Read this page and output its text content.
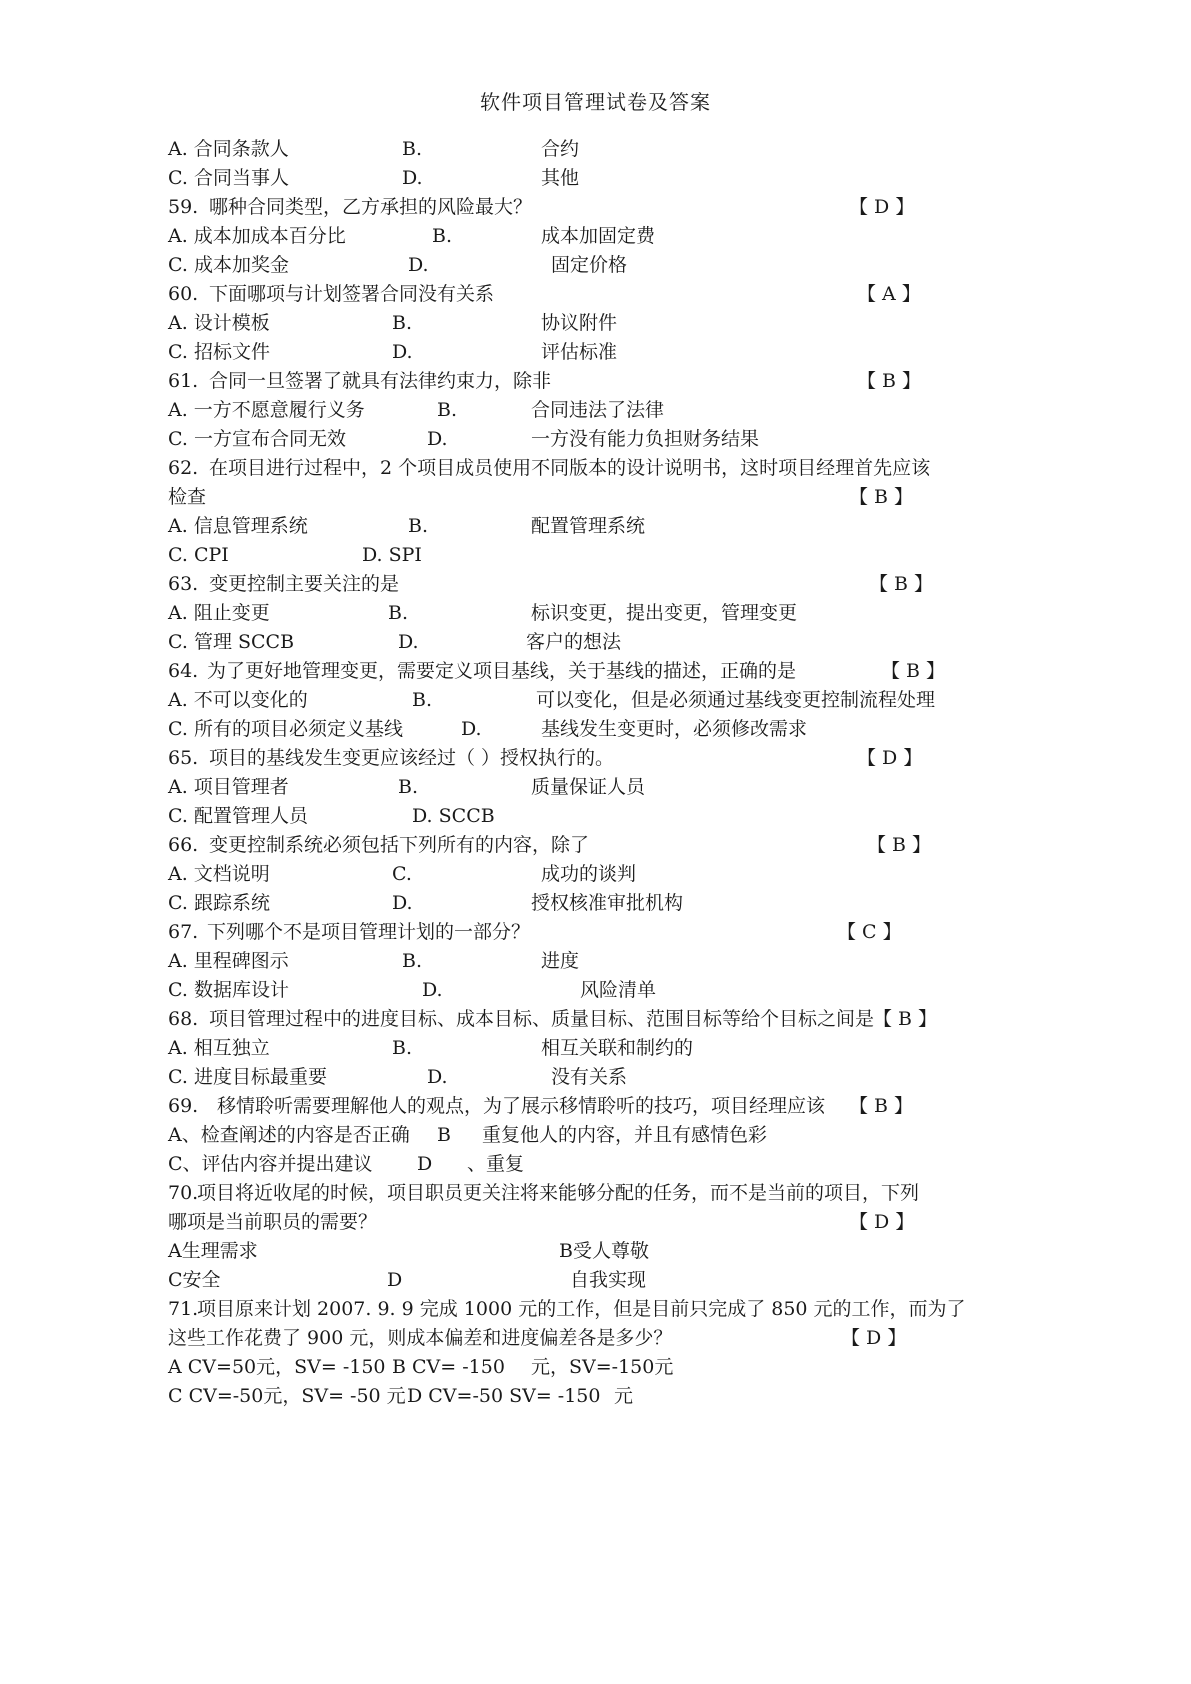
软件项目管理试卷及答案
A. 合同条款人	B.	合约
C. 合同当事人	D.	其他
59. 哪种合同类型，乙方承担的风险最大？	【 D 】
A. 成本加成本百分比	B.	成本加固定费
C. 成本加奖金	D.	固定价格
60. 下面哪项与计划签署合同没有关系	【 A 】
A. 设计模板	B.	协议附件
C. 招标文件	D.	评估标准
61. 合同一旦签署了就具有法律约束力，除非	【 B 】
A. 一方不愿意履行义务	B.	合同违法了法律
C. 一方宣布合同无效	D.	一方没有能力负担财务结果
62. 在项目进行过程中，2 个项目成员使用不同版本的设计说明书，这时项目经理首先应该
检查	【 B 】
A. 信息管理系统	B.	配置管理系统
C. CPI	D. SPI
63. 变更控制主要关注的是	【 B 】
A. 阻止变更	B.	标识变更，提出变更，管理变更
C. 管理 SCCB	D.	客户的想法
64. 为了更好地管理变更，需要定义项目基线，关于基线的描述，正确的是	【 B 】
A. 不可以变化的	B.	可以变化，但是必须通过基线变更控制流程处理
C. 所有的项目必须定义基线	D.	基线发生变更时，必须修改需求
65. 项目的基线发生变更应该经过（ ）授权执行的。	【 D 】
A. 项目管理者	B.	质量保证人员
C. 配置管理人员	D. SCCB
66. 变更控制系统必须包括下列所有的内容，除了	【 B 】
A. 文档说明	C.	成功的谈判
C. 跟踪系统	D.	授权核准审批机构
67. 下列哪个不是项目管理计划的一部分？	【 C 】
A. 里程碑图示	B.	进度
C. 数据库设计	D.	风险清单
68. 项目管理过程中的进度目标、成本目标、质量目标、范围目标等给个目标之间是
【 B 】
A. 相互独立	B.	相互关联和制约的
C. 进度目标最重要	D.	没有关系
69. 移情聆听需要理解他人的观点，为了展示移情聆听的技巧，项目经理应该 【 B 】
A、检查阐述的内容是否正确 B 重复他人的内容，并且有感情色彩
C、评估内容并提出建议 D 、重复
70.
项目将近收尾的时候，项目职员更关注将来能够分配的任务，而不是当前的项目，下列
哪项是当前职员的需要？	【 D 】
A生理需求	B受人尊敬
C安全	D	自我实现
71.
项目原来计划 2007. 9. 9 完成 1000 元的工作，但是目前只完成了 850 元的工作，而为了
这些工作花费了 900 元，则成本偏差和进度偏差各是多少？	【 D 】
A CV=50元，SV= -150 B CV= -150 元，SV=-150元
C CV=-50元，SV= -50 元 D CV=-50 SV= -150 元
